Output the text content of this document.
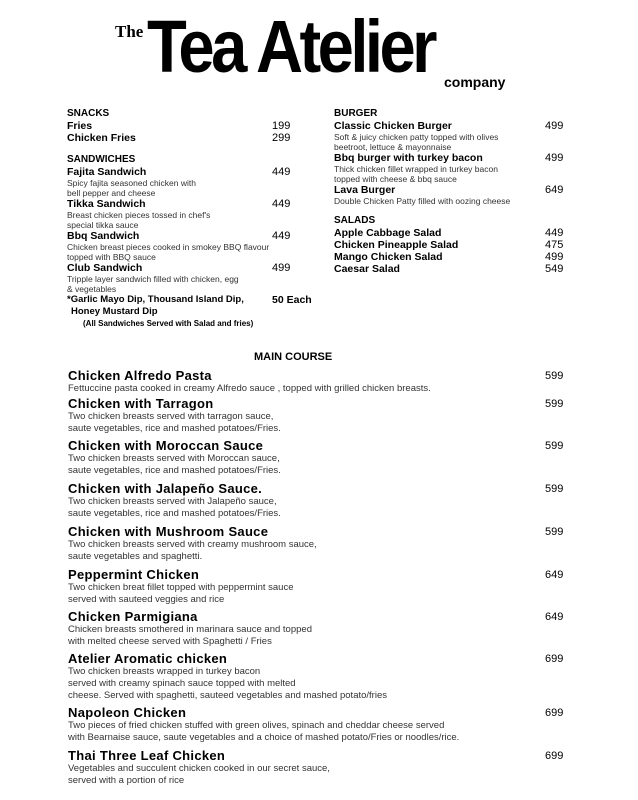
The Tea Atelier company
SNACKS
Fries	199
Chicken Fries	299
SANDWICHES
Fajita Sandwich	449
Spicy fajita seasoned chicken with
bell pepper and cheese
Tikka Sandwich	449
Breast chicken pieces tossed in chef's
special tikka sauce
Bbq Sandwich	449
Chicken breast pieces cooked in smokey BBQ flavour
topped with BBQ sauce
Club Sandwich	499
Tripple layer sandwich filled with chicken, egg
& vegetables
*Garlic Mayo Dip, Thousand Island Dip,	50 Each
Honey Mustard Dip
(All Sandwiches Served with Salad and fries)
BURGER
Classic Chicken Burger	499
Soft & juicy chicken patty topped with olives
beetroot, lettuce & mayonnaise
Bbq burger with turkey bacon	499
Thick chicken fillet wrapped in turkey bacon
topped with cheese & bbq sauce
Lava Burger	649
Double Chicken Patty filled with oozing cheese
SALADS
Apple Cabbage Salad	449
Chicken Pineapple Salad	475
Mango Chicken Salad	499
Caesar Salad	549
MAIN COURSE
Chicken Alfredo Pasta	599
Fettuccine pasta cooked in creamy Alfredo sauce , topped with grilled chicken breasts.
Chicken with Tarragon	599
Two chicken breasts served with tarragon sauce,
saute vegetables, rice and mashed potatoes/Fries.
Chicken with Moroccan Sauce	599
Two chicken breasts served with Moroccan sauce,
saute vegetables, rice and mashed potatoes/Fries.
Chicken with Jalapeño Sauce.	599
Two chicken breasts served with Jalapeño sauce,
saute vegetables, rice and mashed potatoes/Fries.
Chicken with Mushroom Sauce	599
Two chicken breasts served with creamy mushroom sauce,
saute vegetables and spaghetti.
Peppermint Chicken	649
Two chicken breat fillet topped with peppermint sauce
served with sauteed veggies and rice
Chicken Parmigiana	649
Chicken breasts smothered in marinara sauce and topped
with melted cheese served with Spaghetti / Fries
Atelier Aromatic chicken	699
Two chicken breasts wrapped in turkey bacon
served with creamy spinach sauce topped with melted
cheese. Served with spaghetti, sauteed vegetables and mashed potato/fries
Napoleon Chicken	699
Two pieces of fried chicken stuffed with green olives, spinach and cheddar cheese served
with Bearnaise sauce, saute vegetables and a choice of mashed potato/Fries or noodles/rice.
Thai Three Leaf Chicken	699
Vegetables and succulent chicken cooked in our secret sauce,
served with a portion of rice
